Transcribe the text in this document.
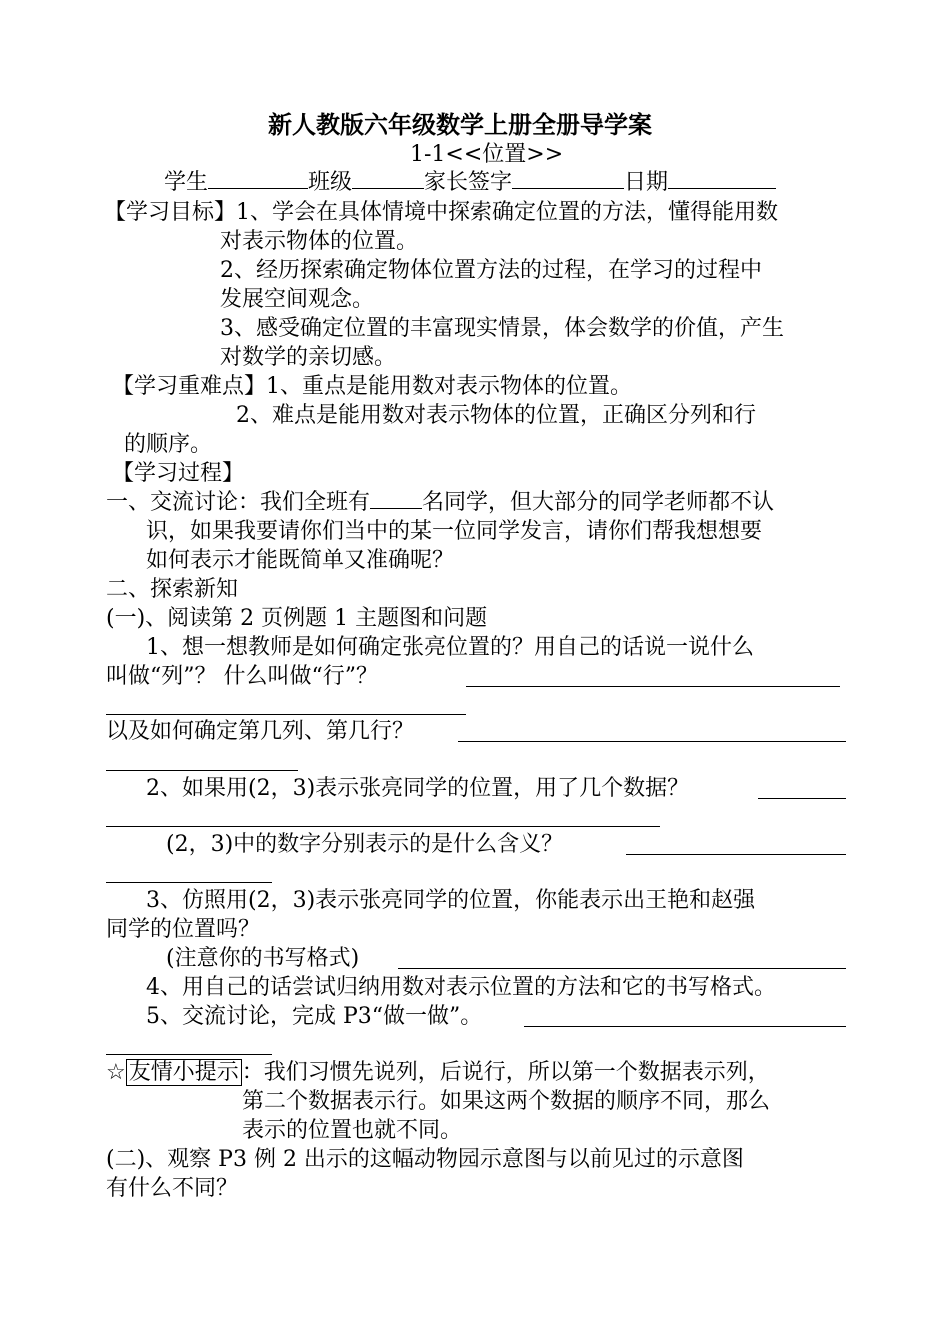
新人教版六年级数学上册全册导学案
1-1<<位置>>
学生	班级	家长签字	日期
【学习目标】1、学会在具体情境中探索确定位置的方法，懂得能用数
对表示物体的位置。
2、经历探索确定物体位置方法的过程，在学习的过程中
发展空间观念。
3、感受确定位置的丰富现实情景，体会数学的价值，产生
对数学的亲切感。
【学习重难点】1、重点是能用数对表示物体的位置。
2、难点是能用数对表示物体的位置，正确区分列和行
的顺序。
【学习过程】
一、交流讨论：我们全班有 名同学，但大部分的同学老师都不认
识，如果我要请你们当中的某一位同学发言，请你们帮我想想要
如何表示才能既简单又准确呢？
二、探索新知
(一)、阅读第 2 页例题 1 主题图和问题
1、想一想教师是如何确定张亮位置的？用自己的话说一说什么
叫做“列”？ 什么叫做“行”？
以及如何确定第几列、第几行？
2、如果用(2，3)表示张亮同学的位置，用了几个数据？
(2，3)中的数字分别表示的是什么含义？
3、仿照用(2，3)表示张亮同学的位置，你能表示出王艳和赵强
同学的位置吗？
(注意你的书写格式)
4、用自己的话尝试归纳用数对表示位置的方法和它的书写格式。
5、交流讨论，完成 P3“做一做”。
☆ 友情小提示 ：我们习惯先说列，后说行，所以第一个数据表示列，
第二个数据表示行。如果这两个数据的顺序不同，那么
表示的位置也就不同。
(二)、观察 P3 例 2 出示的这幅动物园示意图与以前见过的示意图
有什么不同？
